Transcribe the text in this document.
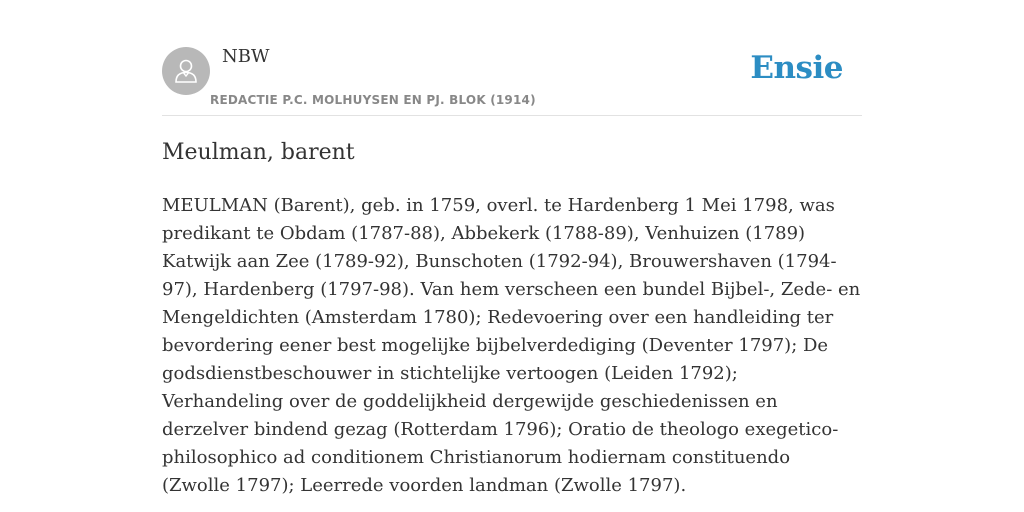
NBW
REDACTIE P.C. MOLHUYSEN EN PJ. BLOK (1914)
Ensie
Meulman, barent
MEULMAN (Barent), geb. in 1759, overl. te Hardenberg 1 Mei 1798, was predikant te Obdam (1787-88), Abbekerk (1788-89), Venhuizen (1789) Katwijk aan Zee (1789-92), Bunschoten (1792-94), Brouwershaven (1794-97), Hardenberg (1797-98). Van hem verscheen een bundel Bijbel-, Zede- en Mengeldichten (Amsterdam 1780); Redevoering over een handleiding ter bevordering eener best mogelijke bijbelverdediging (Deventer 1797); De godsdienstbeschouwer in stichtelijke vertoogen (Leiden 1792); Verhandeling over de goddelijkheid dergewijde geschiedenissen en derzelver bindend gezag (Rotterdam 1796); Oratio de theologo exegetico-philosophico ad conditionem Christianorum hodiernam constituendo (Zwolle 1797); Leerrede voorden landman (Zwolle 1797).
